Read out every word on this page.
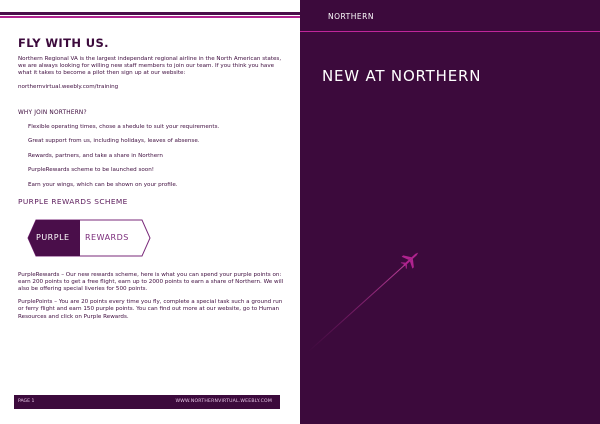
FLY WITH US.

Northern Regional VA is the largest independant regional airline in the North American states, we are always looking for willing new staff members to join our team. If you think you have what it takes to become a pilot then sign up at our website:

northernvirtual.weebly.com/training

WHY JOIN NORTHERN?

Flexible operating times, chose a shedule to suit your requirements.
Great support from us, including holidays, leaves of absense.
Rewards, partners, and take a share in Northern
PurpleRewards scheme to be launched soon!
Earn your wings, which can be shown on your profile.
PURPLE REWARDS SCHEME
PURPLE REWARDS

PurpleRewards – Our new rewards scheme, here is what you can spend your purple points on: earn 200 points to get a free flight, earn up to 2000 points to earn a share of Northern. We will also be offering special liveries for 500 points.

PurplePoints – You are 20 points every time you fly, complete a special task such a ground run or ferry flight and earn 150 purple points. You can find out more at our website, go to Human Resources and click on Purple Rewards.

PAGE 1	WWW.NORTHERNVIRTUAL.WEEBLY.COM
NORTHERN
NEW AT NORTHERN
